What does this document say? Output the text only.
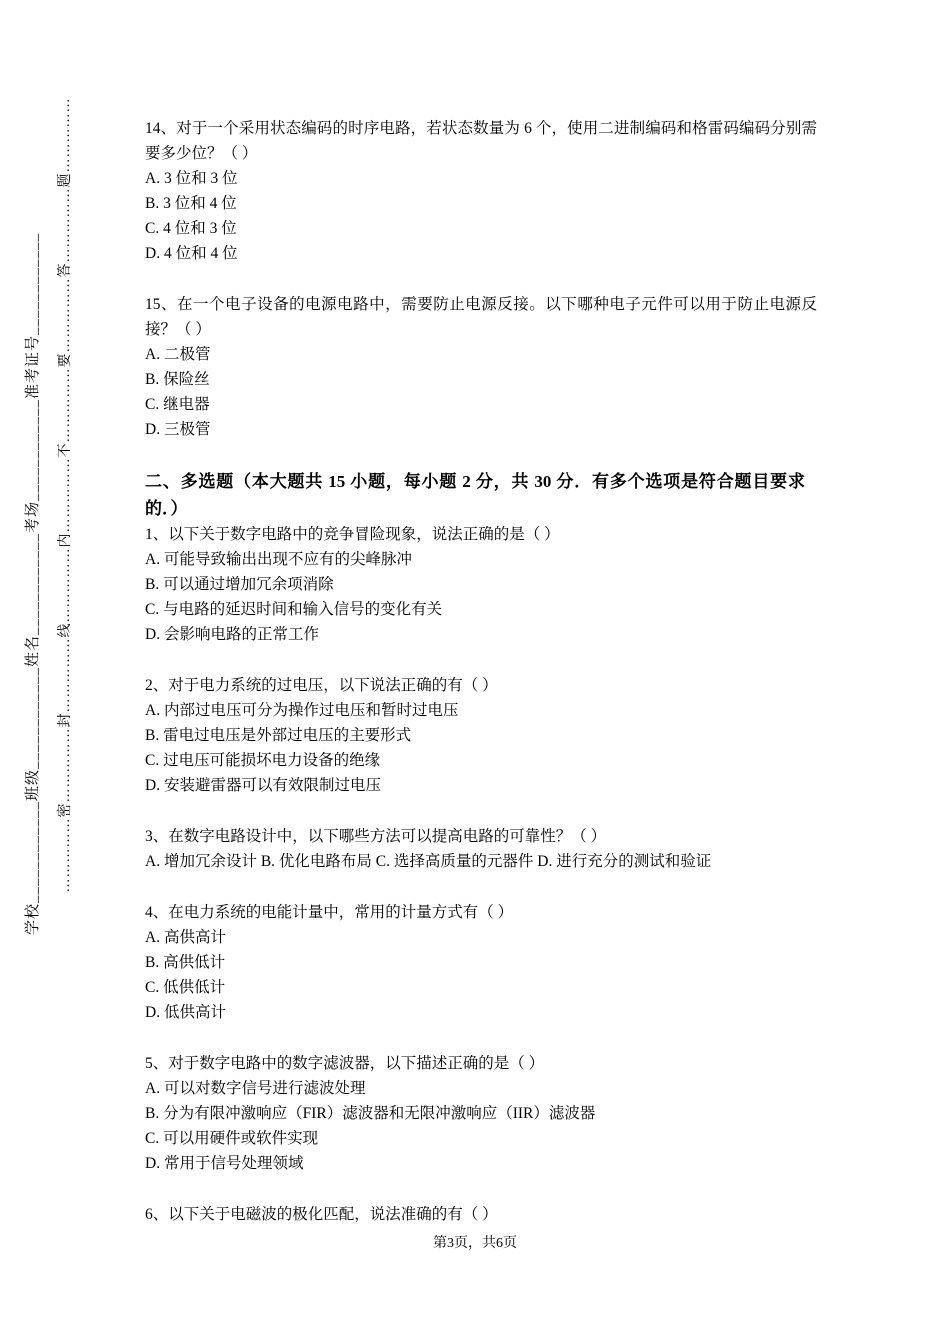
学校____________班级____________姓名____________考场____________准考证号____________	……………密……………封……………线……………内……………不……………要……………答……………题……………	14、对于一个采用状态编码的时序电路，若状态数量为 6 个，使用二进制编码和格雷码编码分别需要多少位？（ ）
A. 3 位和 3 位
B. 3 位和 4 位
C. 4 位和 3 位
D. 4 位和 4 位
15、在一个电子设备的电源电路中，需要防止电源反接。以下哪种电子元件可以用于防止电源反接？（ ）
A. 二极管
B. 保险丝
C. 继电器
D. 三极管
二、多选题（本大题共 15 小题，每小题 2 分，共 30 分．有多个选项是符合题目要求的．）
1、以下关于数字电路中的竞争冒险现象，说法正确的是（ ）
A. 可能导致输出出现不应有的尖峰脉冲
B. 可以通过增加冗余项消除
C. 与电路的延迟时间和输入信号的变化有关
D. 会影响电路的正常工作
2、对于电力系统的过电压，以下说法正确的有（ ）
A. 内部过电压可分为操作过电压和暂时过电压
B. 雷电过电压是外部过电压的主要形式
C. 过电压可能损坏电力设备的绝缘
D. 安装避雷器可以有效限制过电压
3、在数字电路设计中，以下哪些方法可以提高电路的可靠性？（ ）
A. 增加冗余设计 B. 优化电路布局 C. 选择高质量的元器件 D. 进行充分的测试和验证
4、在电力系统的电能计量中，常用的计量方式有（ ）
A. 高供高计
B. 高供低计
C. 低供低计
D. 低供高计
5、对于数字电路中的数字滤波器，以下描述正确的是（ ）
A. 可以对数字信号进行滤波处理
B. 分为有限冲激响应（FIR）滤波器和无限冲激响应（IIR）滤波器
C. 可以用硬件或软件实现
D. 常用于信号处理领域
6、以下关于电磁波的极化匹配，说法准确的有（ ）
第3页，共6页
